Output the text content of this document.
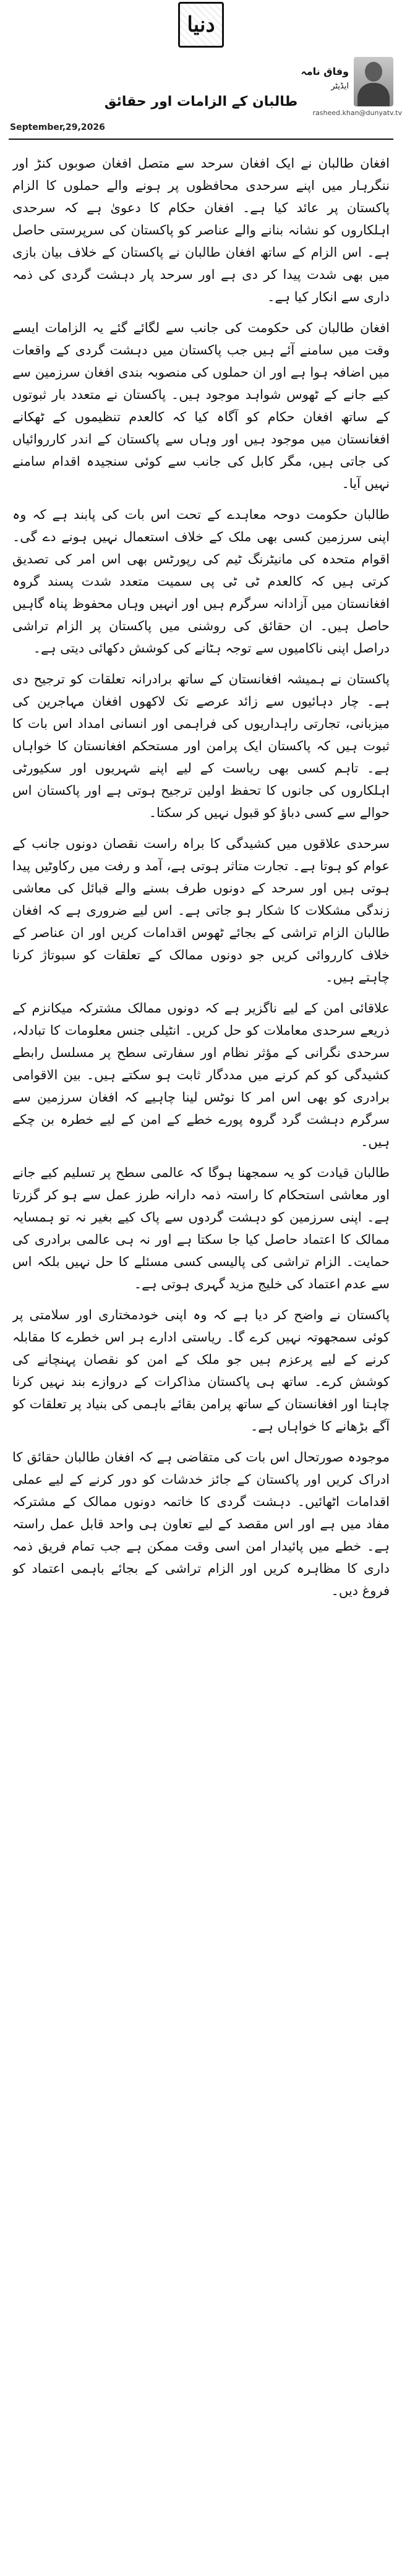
دنیا
وفاق نامہ
ایڈیٹر
rasheed.khan@dunyatv.tv
طالبان کے الزامات اور حقائق
September,29,2026

افغان طالبان نے ایک افغان سرحد سے متصل افغان صوبوں کنڑ اور ننگرہار میں اپنے سرحدی محافظوں پر ہونے والے حملوں کا الزام پاکستان پر عائد کیا ہے۔ افغان حکام کا دعویٰ ہے کہ سرحدی اہلکاروں کو نشانہ بنانے والے عناصر کو پاکستان کی سرپرستی حاصل ہے۔ اس الزام کے ساتھ افغان طالبان نے پاکستان کے خلاف بیان بازی میں بھی شدت پیدا کر دی ہے اور سرحد پار دہشت گردی کی ذمہ داری سے انکار کیا ہے۔

افغان طالبان کی حکومت کی جانب سے لگائے گئے یہ الزامات ایسے وقت میں سامنے آئے ہیں جب پاکستان میں دہشت گردی کے واقعات میں اضافہ ہوا ہے اور ان حملوں کی منصوبہ بندی افغان سرزمین سے کیے جانے کے ٹھوس شواہد موجود ہیں۔ پاکستان نے متعدد بار ثبوتوں کے ساتھ افغان حکام کو آگاہ کیا کہ کالعدم تنظیموں کے ٹھکانے افغانستان میں موجود ہیں اور وہاں سے پاکستان کے اندر کارروائیاں کی جاتی ہیں، مگر کابل کی جانب سے کوئی سنجیدہ اقدام سامنے نہیں آیا۔

طالبان حکومت دوحہ معاہدے کے تحت اس بات کی پابند ہے کہ وہ اپنی سرزمین کسی بھی ملک کے خلاف استعمال نہیں ہونے دے گی۔ اقوام متحدہ کی مانیٹرنگ ٹیم کی رپورٹس بھی اس امر کی تصدیق کرتی ہیں کہ کالعدم ٹی ٹی پی سمیت متعدد شدت پسند گروہ افغانستان میں آزادانہ سرگرم ہیں اور انہیں وہاں محفوظ پناہ گاہیں حاصل ہیں۔ ان حقائق کی روشنی میں پاکستان پر الزام تراشی دراصل اپنی ناکامیوں سے توجہ ہٹانے کی کوشش دکھائی دیتی ہے۔

پاکستان نے ہمیشہ افغانستان کے ساتھ برادرانہ تعلقات کو ترجیح دی ہے۔ چار دہائیوں سے زائد عرصے تک لاکھوں افغان مہاجرین کی میزبانی، تجارتی راہداریوں کی فراہمی اور انسانی امداد اس بات کا ثبوت ہیں کہ پاکستان ایک پرامن اور مستحکم افغانستان کا خواہاں ہے۔ تاہم کسی بھی ریاست کے لیے اپنے شہریوں اور سکیورٹی اہلکاروں کی جانوں کا تحفظ اولین ترجیح ہوتی ہے اور پاکستان اس حوالے سے کسی دباؤ کو قبول نہیں کر سکتا۔

سرحدی علاقوں میں کشیدگی کا براہ راست نقصان دونوں جانب کے عوام کو ہوتا ہے۔ تجارت متاثر ہوتی ہے، آمد و رفت میں رکاوٹیں پیدا ہوتی ہیں اور سرحد کے دونوں طرف بسنے والے قبائل کی معاشی زندگی مشکلات کا شکار ہو جاتی ہے۔ اس لیے ضروری ہے کہ افغان طالبان الزام تراشی کے بجائے ٹھوس اقدامات کریں اور ان عناصر کے خلاف کارروائی کریں جو دونوں ممالک کے تعلقات کو سبوتاژ کرنا چاہتے ہیں۔

علاقائی امن کے لیے ناگزیر ہے کہ دونوں ممالک مشترکہ میکانزم کے ذریعے سرحدی معاملات کو حل کریں۔ انٹیلی جنس معلومات کا تبادلہ، سرحدی نگرانی کے مؤثر نظام اور سفارتی سطح پر مسلسل رابطے کشیدگی کو کم کرنے میں مددگار ثابت ہو سکتے ہیں۔ بین الاقوامی برادری کو بھی اس امر کا نوٹس لینا چاہیے کہ افغان سرزمین سے سرگرم دہشت گرد گروہ پورے خطے کے امن کے لیے خطرہ بن چکے ہیں۔

طالبان قیادت کو یہ سمجھنا ہوگا کہ عالمی سطح پر تسلیم کیے جانے اور معاشی استحکام کا راستہ ذمہ دارانہ طرز عمل سے ہو کر گزرتا ہے۔ اپنی سرزمین کو دہشت گردوں سے پاک کیے بغیر نہ تو ہمسایہ ممالک کا اعتماد حاصل کیا جا سکتا ہے اور نہ ہی عالمی برادری کی حمایت۔ الزام تراشی کی پالیسی کسی مسئلے کا حل نہیں بلکہ اس سے عدم اعتماد کی خلیج مزید گہری ہوتی ہے۔

پاکستان نے واضح کر دیا ہے کہ وہ اپنی خودمختاری اور سلامتی پر کوئی سمجھوتہ نہیں کرے گا۔ ریاستی ادارے ہر اس خطرے کا مقابلہ کرنے کے لیے پرعزم ہیں جو ملک کے امن کو نقصان پہنچانے کی کوشش کرے۔ ساتھ ہی پاکستان مذاکرات کے دروازے بند نہیں کرنا چاہتا اور افغانستان کے ساتھ پرامن بقائے باہمی کی بنیاد پر تعلقات کو آگے بڑھانے کا خواہاں ہے۔

موجودہ صورتحال اس بات کی متقاضی ہے کہ افغان طالبان حقائق کا ادراک کریں اور پاکستان کے جائز خدشات کو دور کرنے کے لیے عملی اقدامات اٹھائیں۔ دہشت گردی کا خاتمہ دونوں ممالک کے مشترکہ مفاد میں ہے اور اس مقصد کے لیے تعاون ہی واحد قابل عمل راستہ ہے۔ خطے میں پائیدار امن اسی وقت ممکن ہے جب تمام فریق ذمہ داری کا مظاہرہ کریں اور الزام تراشی کے بجائے باہمی اعتماد کو فروغ دیں۔
